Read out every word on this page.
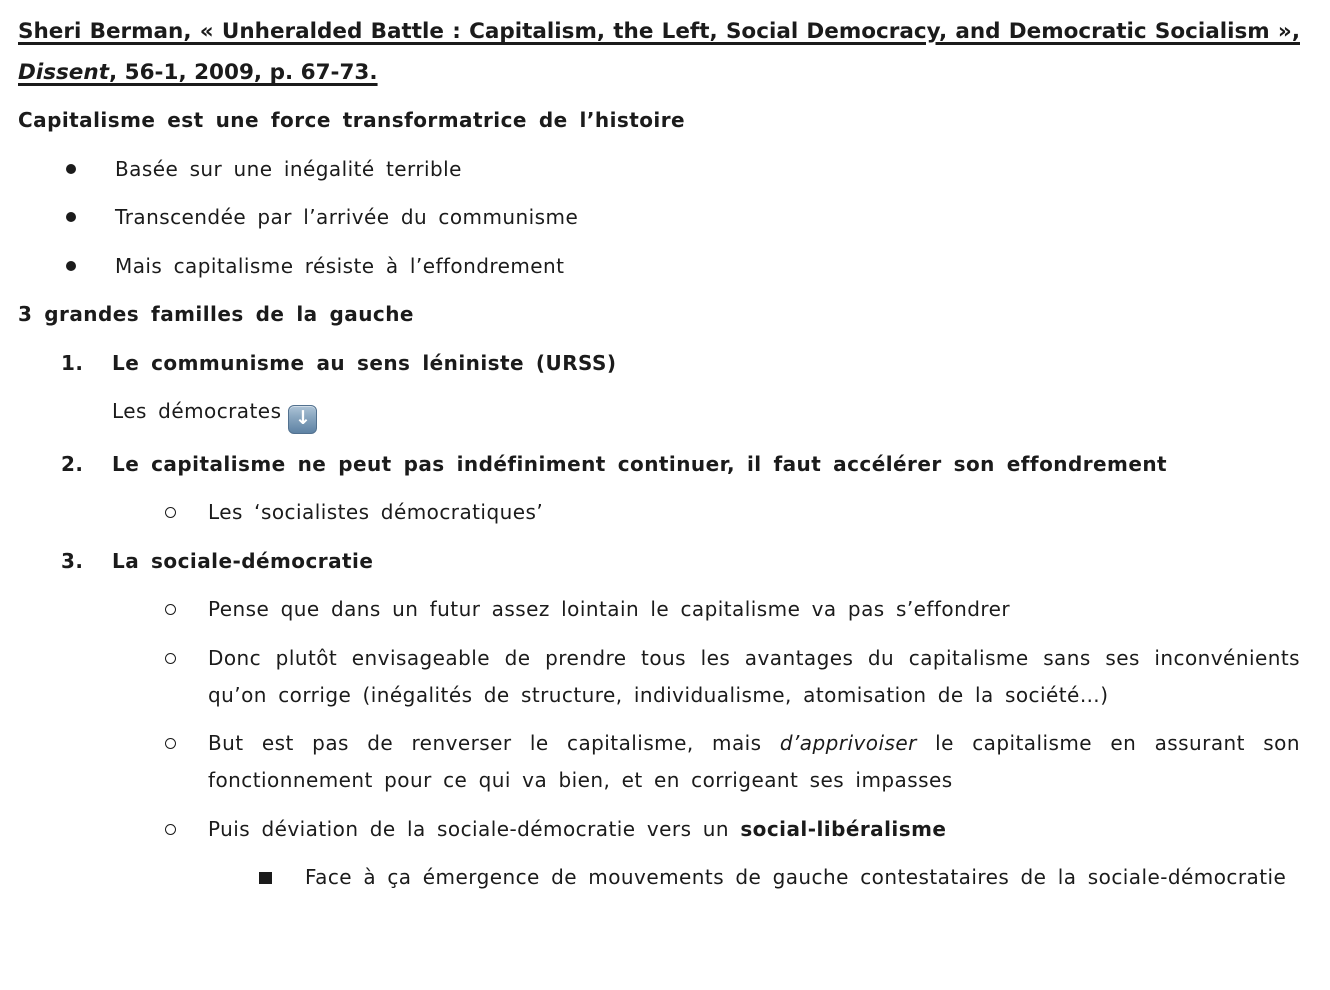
Sheri Berman, « Unheralded Battle : Capitalism, the Left, Social Democracy, and Democratic Socialism », Dissent, 56-1, 2009, p. 67-73.

Capitalisme est une force transformatrice de l’histoire

Basée sur une inégalité terrible
Transcendée par l’arrivée du communisme
Mais capitalisme résiste à l’effondrement

3 grandes familles de la gauche

1. Le communisme au sens léniniste (URSS)
Les démocrates ↓
2. Le capitalisme ne peut pas indéfiniment continuer, il faut accélérer son effondrement
Les ‘socialistes démocratiques’
3. La sociale-démocratie
Pense que dans un futur assez lointain le capitalisme va pas s’effondrer
Donc plutôt envisageable de prendre tous les avantages du capitalisme sans ses inconvénients qu’on corrige (inégalités de structure, individualisme, atomisation de la société…)
But est pas de renverser le capitalisme, mais d’apprivoiser le capitalisme en assurant son fonctionnement pour ce qui va bien, et en corrigeant ses impasses
Puis déviation de la sociale-démocratie vers un social-libéralisme
Face à ça émergence de mouvements de gauche contestataires de la sociale-démocratie
